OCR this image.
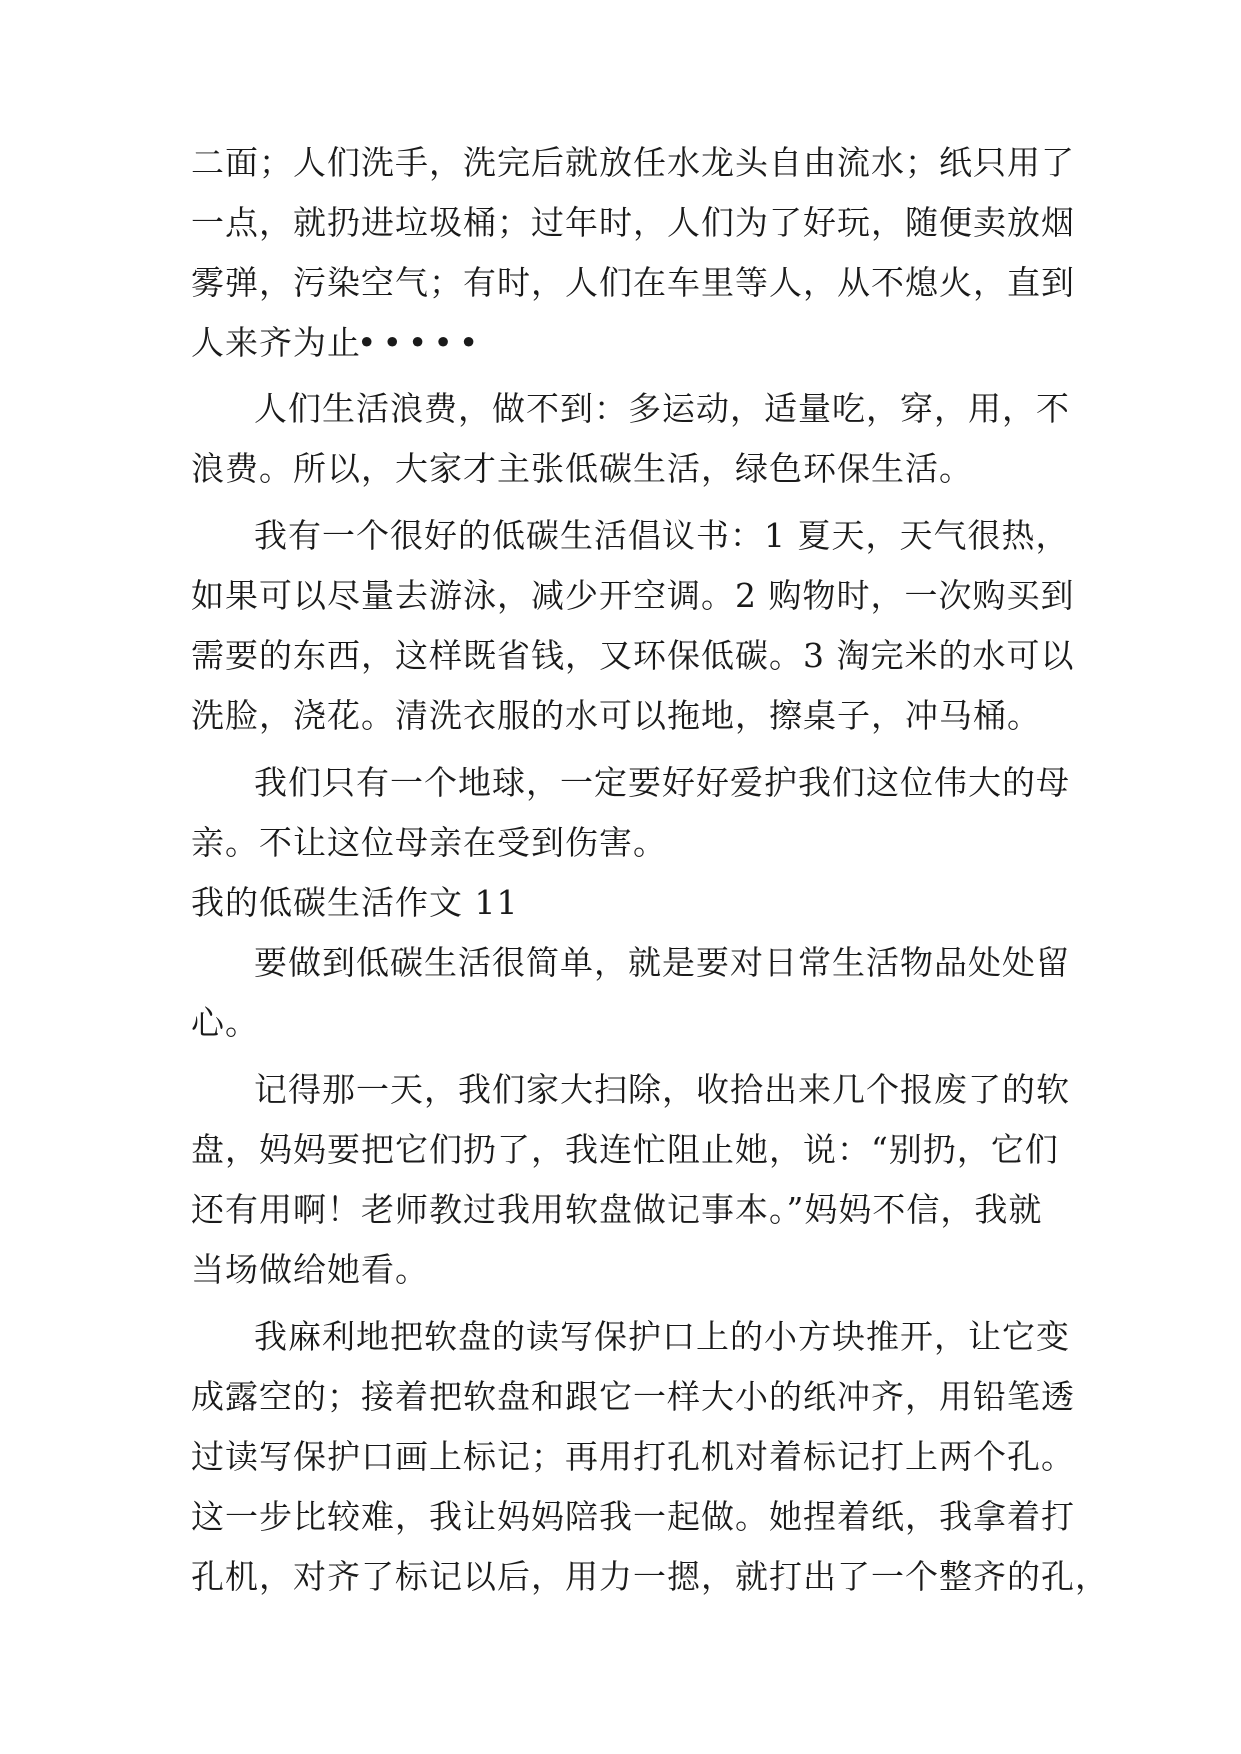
二面；人们洗手，洗完后就放任水龙头自由流水；纸只用了
一点，就扔进垃圾桶；过年时，人们为了好玩，随便卖放烟
雾弹，污染空气；有时，人们在车里等人，从不熄火，直到
人来齐为止
•••••
人们生活浪费，做不到：多运动，适量吃，穿，用，不
浪费。所以，大家才主张低碳生活，绿色环保生活。
我有一个很好的低碳生活倡议书：1 夏天，天气很热，
如果可以尽量去游泳，减少开空调。2 购物时，一次购买到
需要的东西，这样既省钱，又环保低碳。3 淘完米的水可以
洗脸，浇花。清洗衣服的水可以拖地，擦桌子，冲马桶。
我们只有一个地球，一定要好好爱护我们这位伟大的母
亲。不让这位母亲在受到伤害。
我的低碳生活作文 11
要做到低碳生活很简单，就是要对日常生活物品处处留
心。
记得那一天，我们家大扫除，收拾出来几个报废了的软
盘，妈妈要把它们扔了，我连忙阻止她，说：“别扔，它们
还有用啊！老师教过我用软盘做记事本。”妈妈不信，我就
当场做给她看。
我麻利地把软盘的读写保护口上的小方块推开，让它变
成露空的；接着把软盘和跟它一样大小的纸冲齐，用铅笔透
过读写保护口画上标记；再用打孔机对着标记打上两个孔。
这一步比较难，我让妈妈陪我一起做。她捏着纸，我拿着打
孔机，对齐了标记以后，用力一摁，就打出了一个整齐的孔，
